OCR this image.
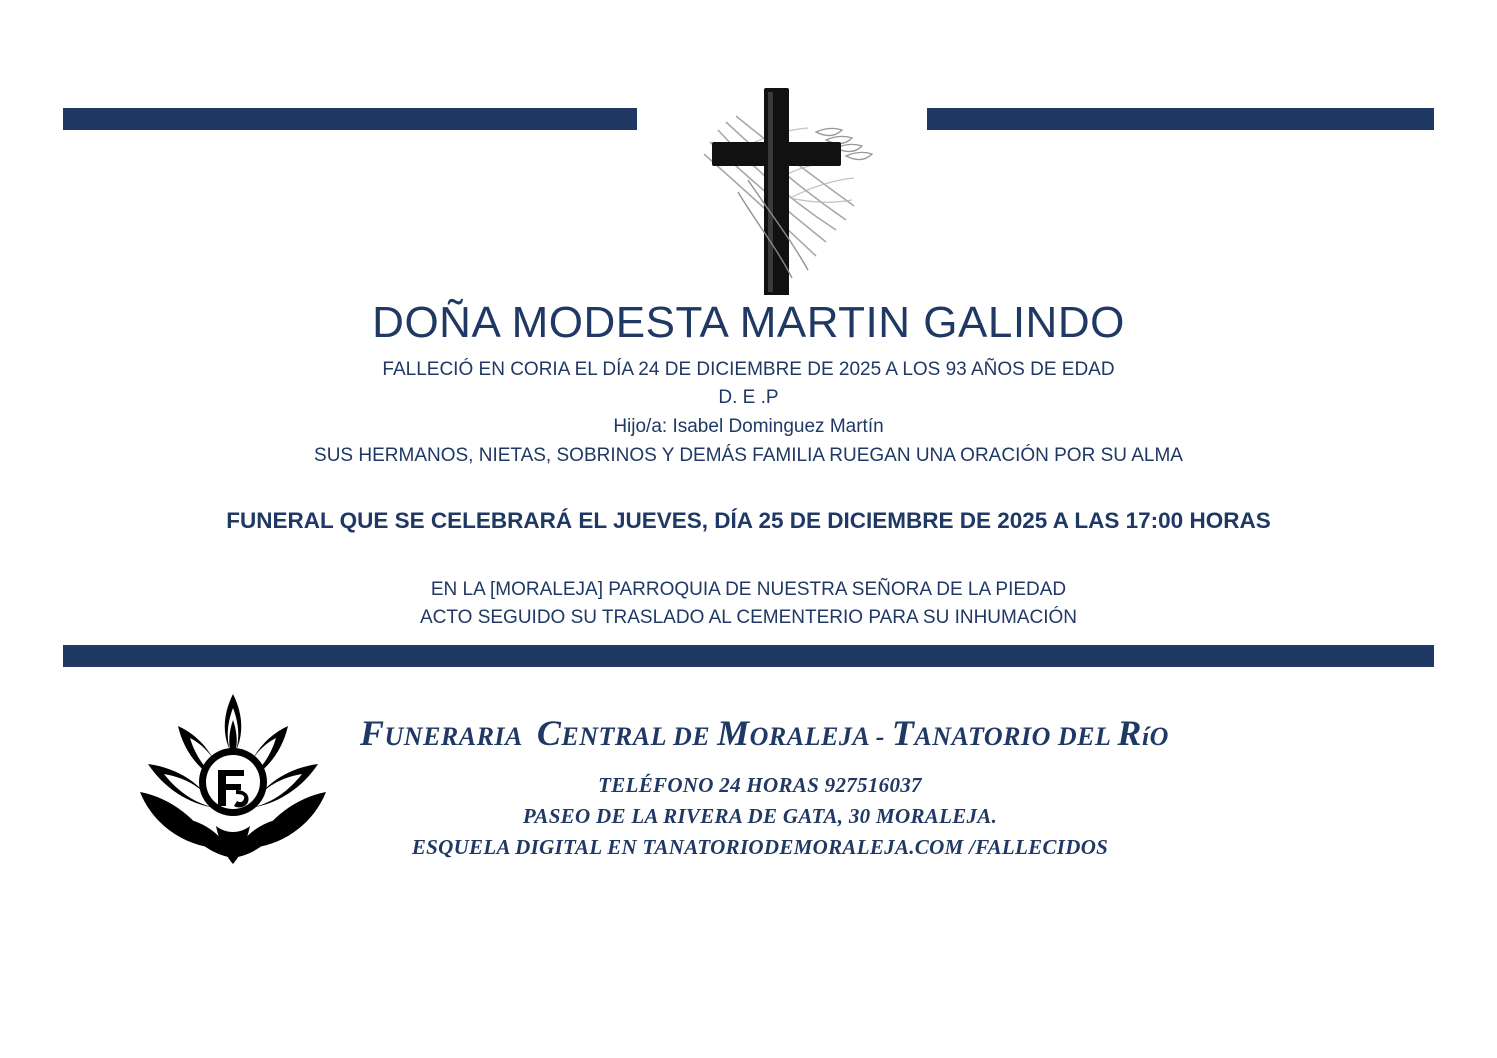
DOÑA MODESTA MARTIN GALINDO
FALLECIÓ EN CORIA EL DÍA 24 DE DICIEMBRE DE 2025 A LOS 93 AÑOS DE EDAD
D. E .P
Hijo/a: Isabel Dominguez Martín
SUS HERMANOS, NIETAS, SOBRINOS Y DEMÁS FAMILIA RUEGAN UNA ORACIÓN POR SU ALMA
FUNERAL QUE SE CELEBRARÁ EL JUEVES, DÍA 25 DE DICIEMBRE DE 2025 A LAS 17:00 HORAS
EN LA [MORALEJA] PARROQUIA DE NUESTRA SEÑORA DE LA PIEDAD
ACTO SEGUIDO SU TRASLADO AL CEMENTERIO PARA SU INHUMACIÓN
FUNERARIA CENTRAL DE MORALEJA - TANATORIO DEL RíO
TELÉFONO 24 HORAS 927516037
PASEO DE LA RIVERA DE GATA, 30 MORALEJA.
ESQUELA DIGITAL EN TANATORIODEMORALEJA.COM /FALLECIDOS
